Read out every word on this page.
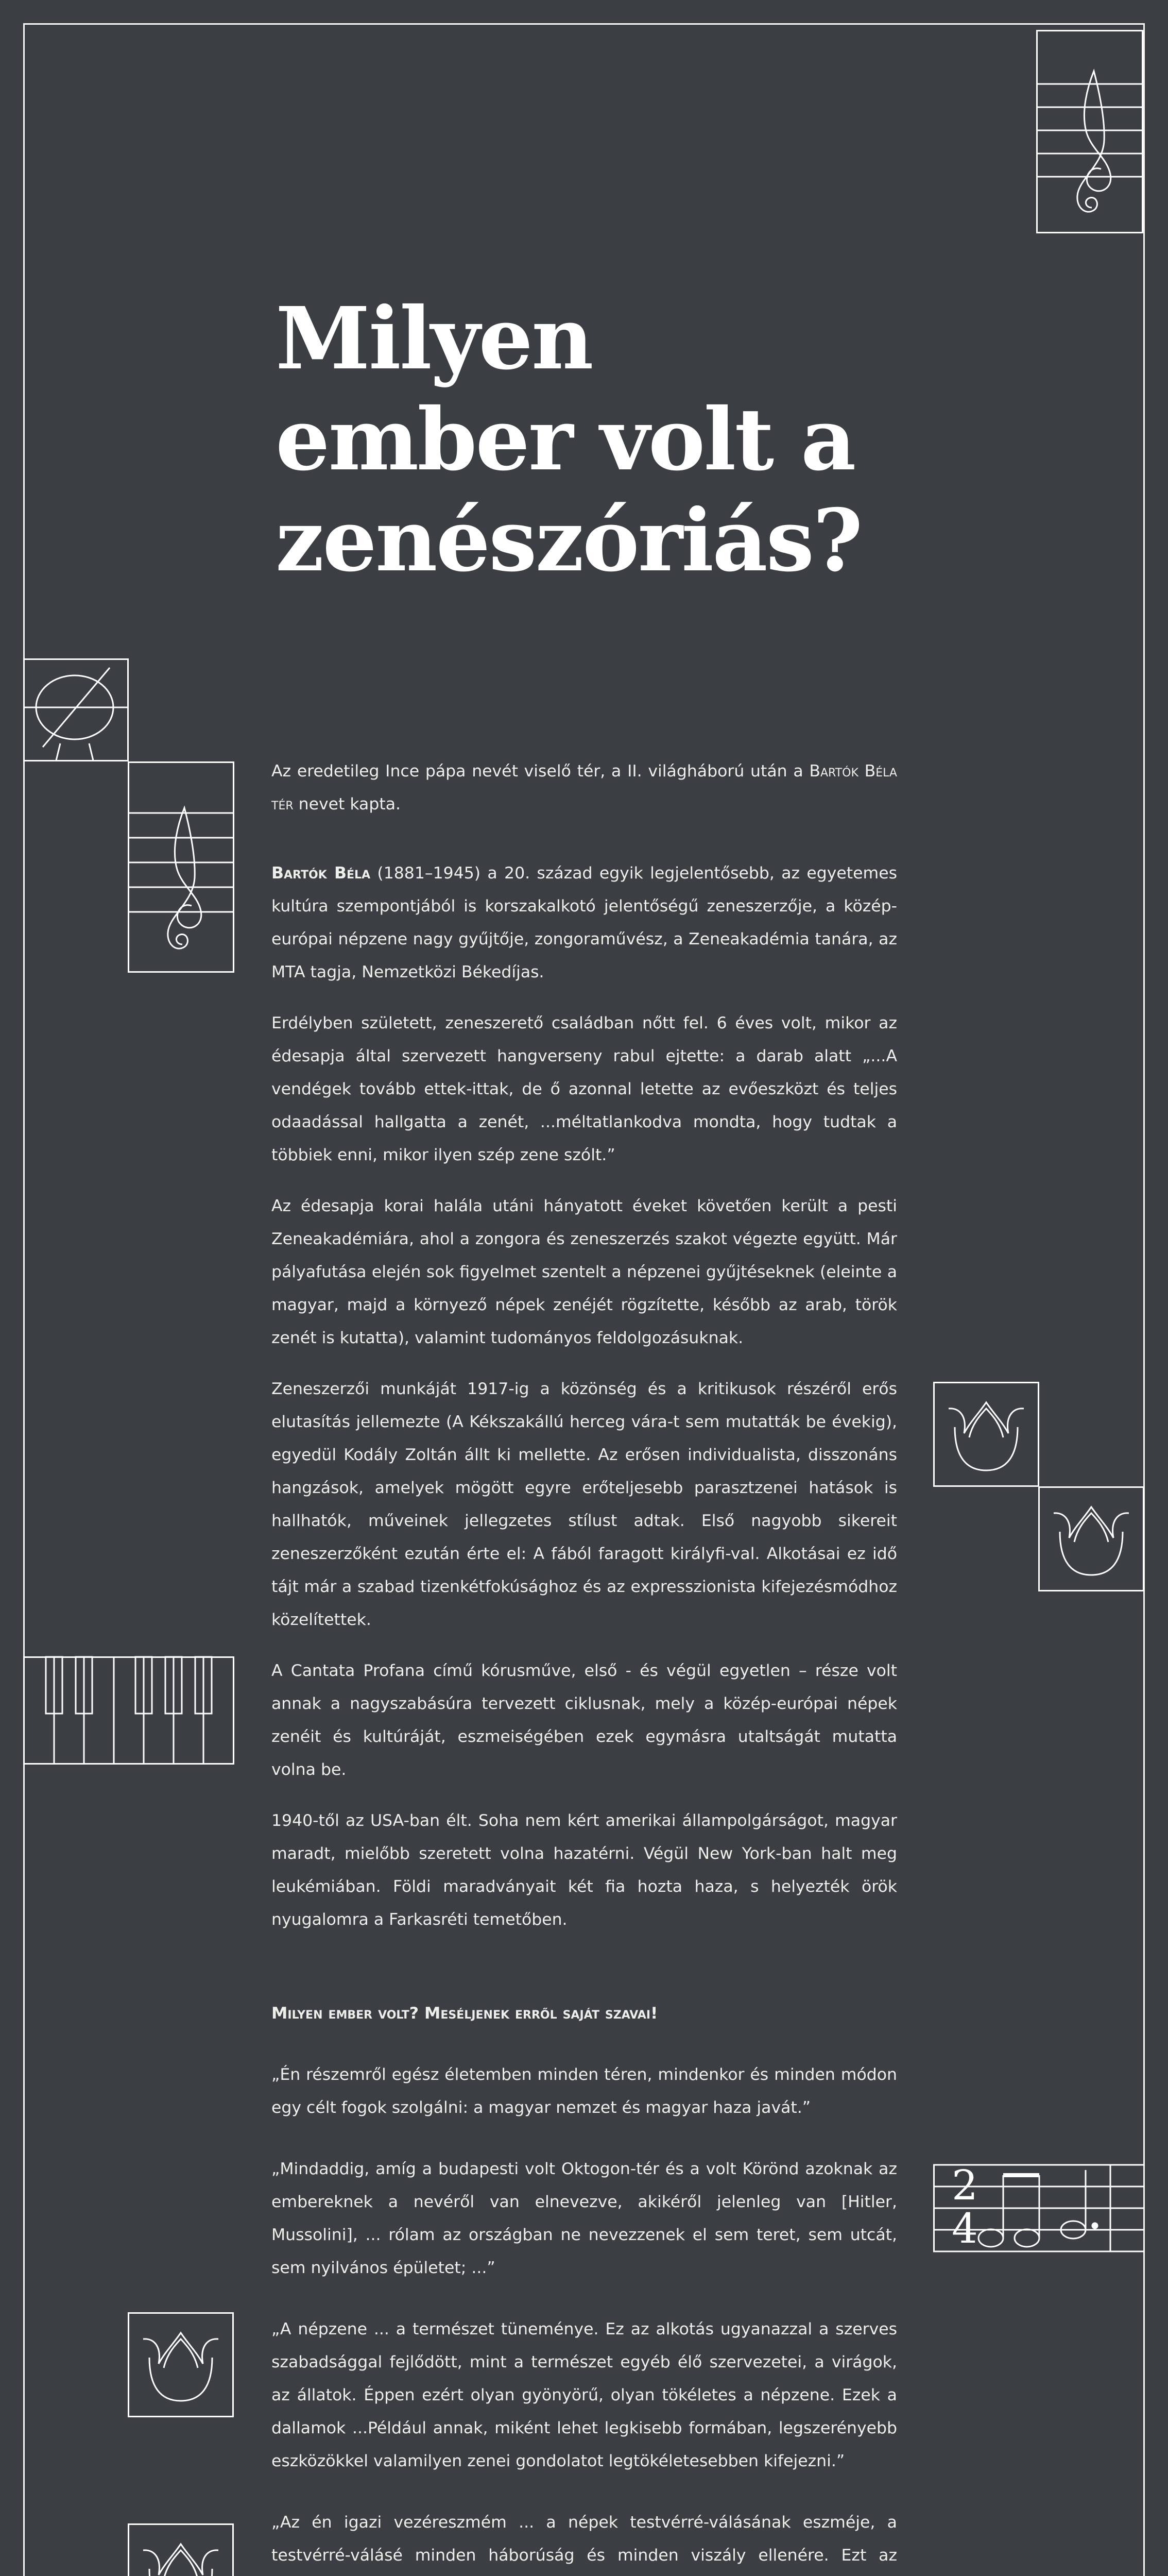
2
4
Milyen
ember volt a
zenészóriás?

Az eredetileg Ince pápa nevét viselő tér, a II. világháború után a Bartók Béla tér nevet kapta.

Bartók Béla (1881–1945) a 20. század egyik legjelentősebb, az egyetemes kultúra szempontjából is korszakalkotó jelentőségű zeneszerzője, a közép-európai népzene nagy gyűjtője, zongoraművész, a Zeneakadémia tanára, az MTA tagja, Nemzetközi Békedíjas.

Erdélyben született, zeneszerető családban nőtt fel. 6 éves volt, mikor az édesapja által szervezett hangverseny rabul ejtette: a darab alatt „...A vendégek tovább ettek-ittak, de ő azonnal letette az evőeszközt és teljes odaadással hallgatta a zenét, ...méltatlankodva mondta, hogy tudtak a többiek enni, mikor ilyen szép zene szólt.”

Az édesapja korai halála utáni hányatott éveket követően került a pesti Zeneakadémiára, ahol a zongora és zeneszerzés szakot végezte együtt. Már pályafutása elején sok figyelmet szentelt a népzenei gyűjtéseknek (eleinte a magyar, majd a környező népek zenéjét rögzítette, később az arab, török zenét is kutatta), valamint tudományos feldolgozásuknak.

Zeneszerzői munkáját 1917-ig a közönség és a kritikusok részéről erős elutasítás jellemezte (A Kékszakállú herceg vára-t sem mutatták be évekig), egyedül Kodály Zoltán állt ki mellette. Az erősen individualista, disszonáns hangzások, amelyek mögött egyre erőteljesebb parasztzenei hatások is hallhatók, műveinek jellegzetes stílust adtak. Első nagyobb sikereit zeneszerzőként ezután érte el: A fából faragott királyfi-val. Alkotásai ez idő tájt már a szabad tizenkétfokúsághoz és az expresszionista kifejezésmódhoz közelítettek.

A Cantata Profana című kórusműve, első - és végül egyetlen – része volt annak a nagyszabásúra tervezett ciklusnak, mely a közép-európai népek zenéit és kultúráját, eszmeiségében ezek egymásra utaltságát mutatta volna be.

1940-től az USA-ban élt. Soha nem kért amerikai állampolgárságot, magyar maradt, mielőbb szeretett volna hazatérni. Végül New York-ban halt meg leukémiában. Földi maradványait két fia hozta haza, s helyezték örök nyugalomra a Farkasréti temetőben.

Milyen ember volt? Meséljenek erről saját szavai!

„Én részemről egész életemben minden téren, mindenkor és minden módon egy célt fogok szolgálni: a magyar nemzet és magyar haza javát.”

„Mindaddig, amíg a budapesti volt Oktogon-tér és a volt Körönd azoknak az embereknek a nevéről van elnevezve, akikéről jelenleg van [Hitler, Mussolini], ... rólam az országban ne nevezzenek el sem teret, sem utcát, sem nyilvános épületet; ...”

„A népzene ... a természet tüneménye. Ez az alkotás ugyanazzal a szerves szabadsággal fejlődött, mint a természet egyéb élő szervezetei, a virágok, az állatok. Éppen ezért olyan gyönyörű, olyan tökéletes a népzene. Ezek a dallamok ...Például annak, miként lehet legkisebb formában, legszerényebb eszközökkel valamilyen zenei gondolatot legtökéletesebben kifejezni.”

„Az én igazi vezéreszmém ... a népek testvérré-válásának eszméje, a testvérré-válásé minden háborúság és minden viszály ellenére. Ezt az
